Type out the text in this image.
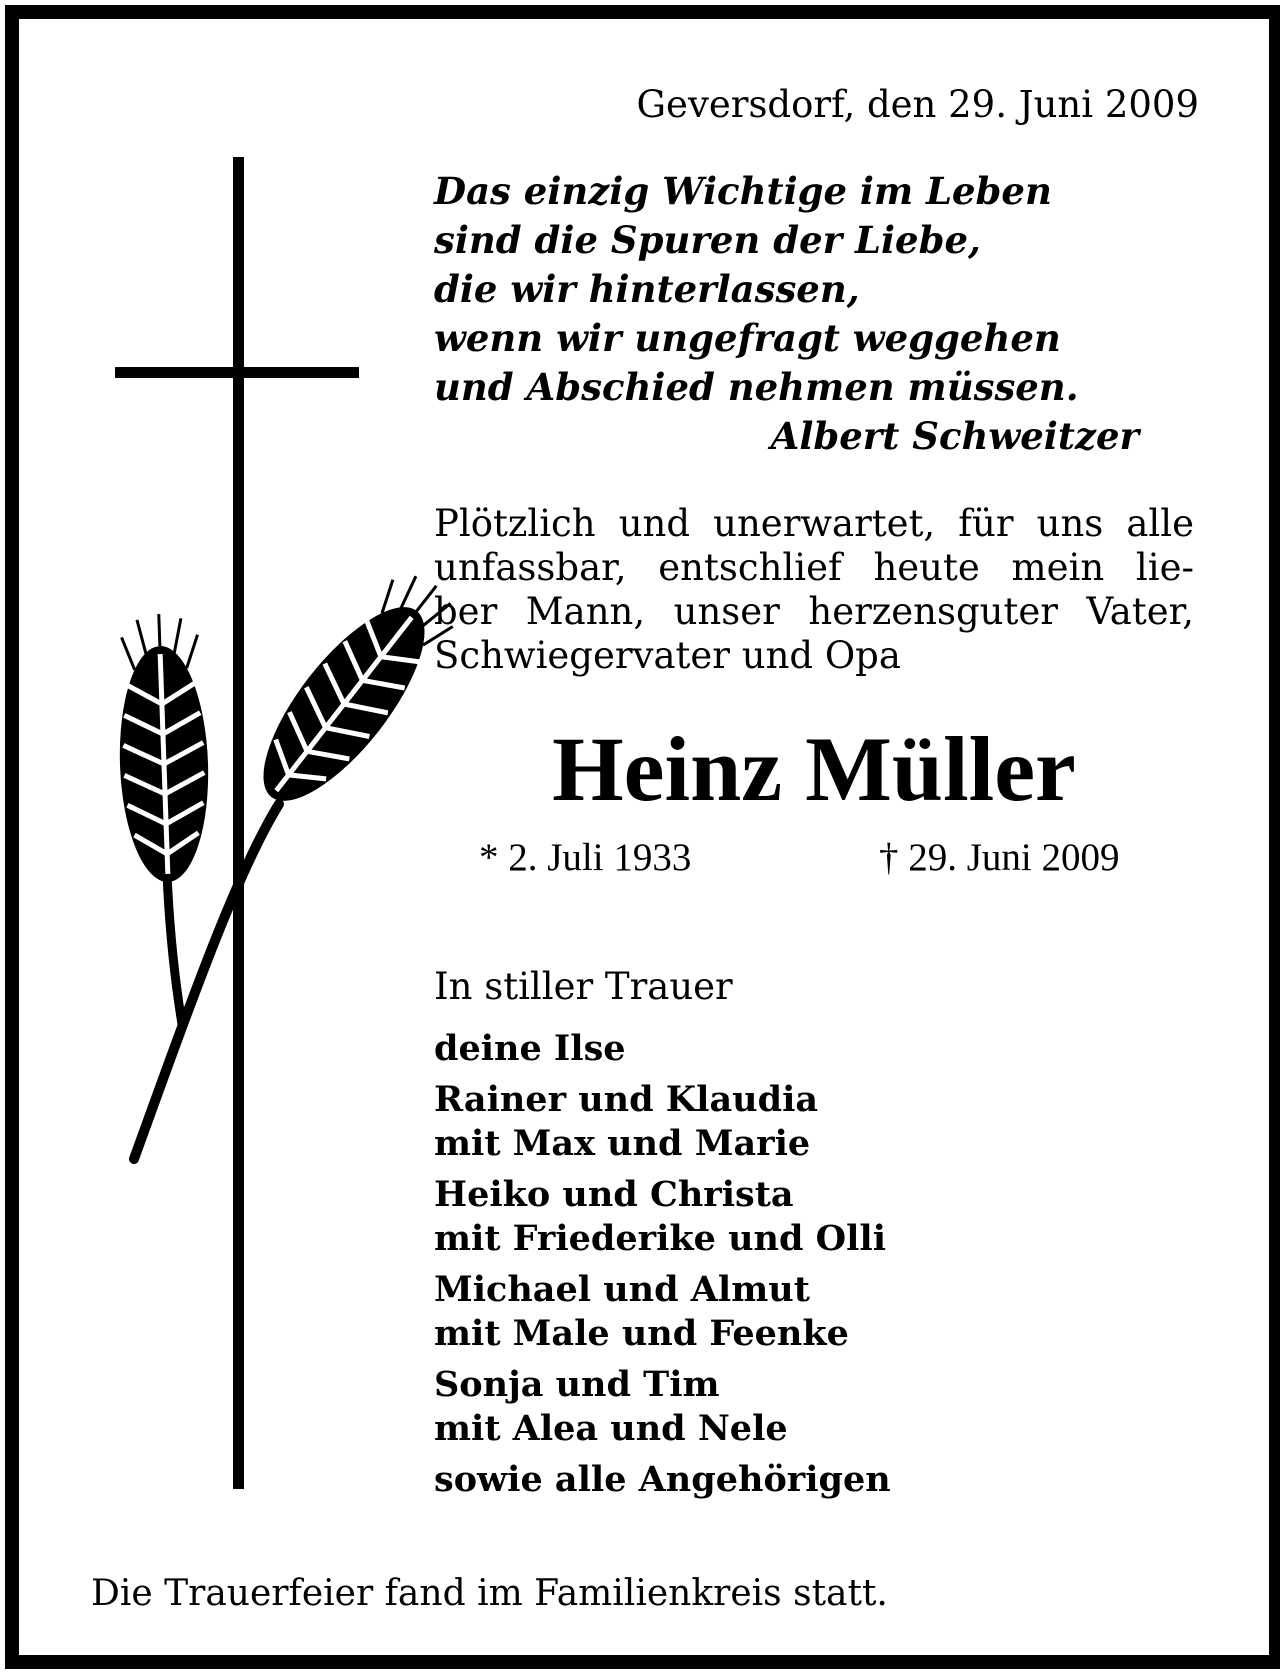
Geversdorf, den 29. Juni 2009
Das einzig Wichtige im Leben
sind die Spuren der Liebe,
die wir hinterlassen,
wenn wir ungefragt weggehen
und Abschied nehmen müssen.
Albert Schweitzer
Plötzlich und unerwartet, für uns alle
unfassbar, entschlief heute mein lie-
ber Mann, unser herzensguter Vater,
Schwiegervater und Opa
Heinz Müller
* 2. Juli 1933	† 29. Juni 2009
In stiller Trauer
deine Ilse
Rainer und Klaudia
mit Max und Marie
Heiko und Christa
mit Friederike und Olli
Michael und Almut
mit Male und Feenke
Sonja und Tim
mit Alea und Nele
sowie alle Angehörigen
Die Trauerfeier fand im Familienkreis statt.
